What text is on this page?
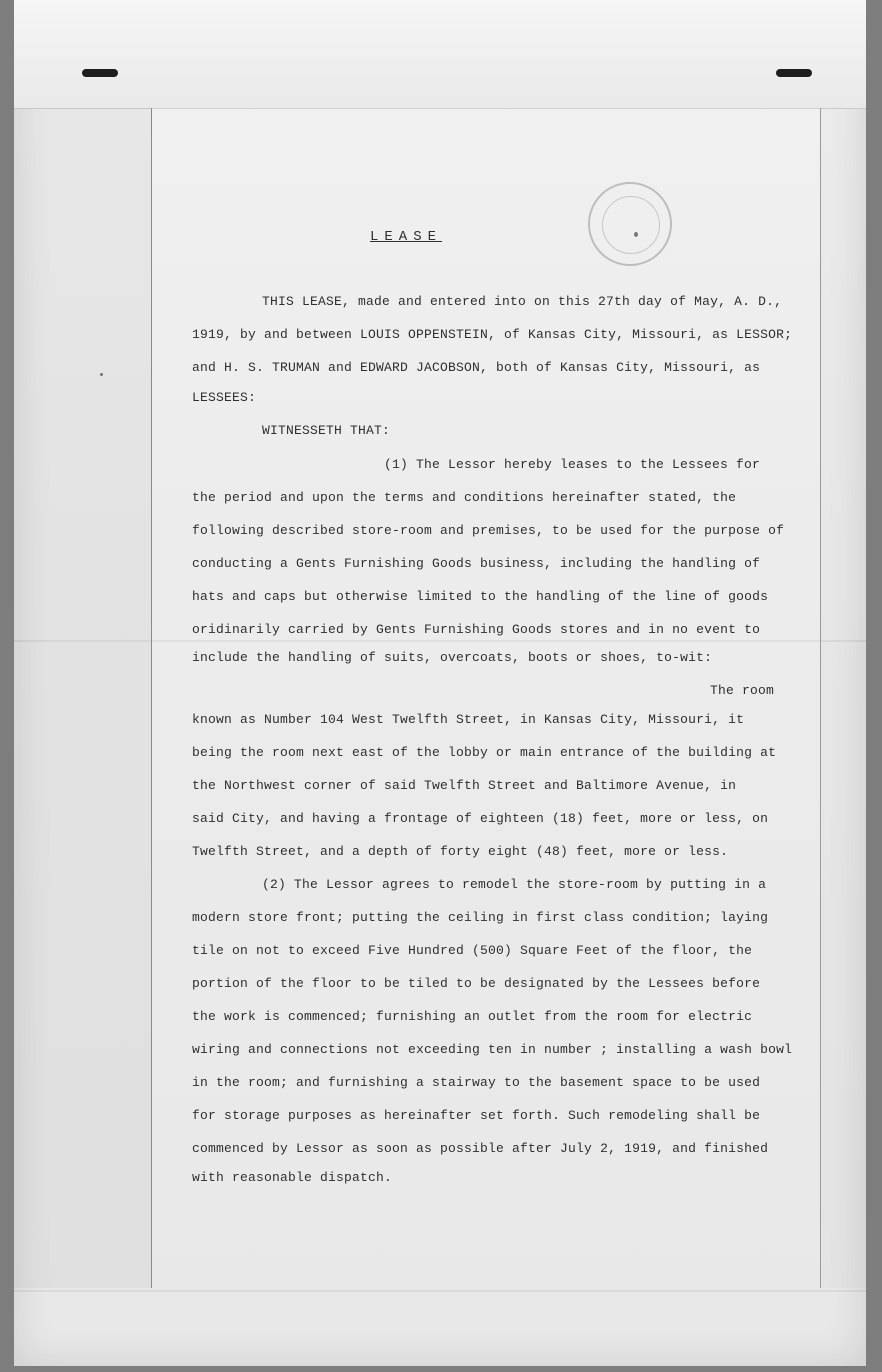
LEASE
THIS LEASE, made and entered into on this 27th day of May, A. D.,
1919, by and between LOUIS OPPENSTEIN, of Kansas City, Missouri, as LESSOR;
and H. S. TRUMAN and EDWARD JACOBSON, both of Kansas City, Missouri, as
LESSEES:
WITNESSETH THAT:
(1) The Lessor hereby leases to the Lessees for
the period and upon the terms and conditions hereinafter stated, the
following described store-room and premises, to be used for the purpose of
conducting a Gents Furnishing Goods business, including the handling of
hats and caps but otherwise limited to the handling of the line of goods
oridinarily carried by Gents Furnishing Goods stores and in no event to
include the handling of suits, overcoats, boots or shoes, to-wit:
The room
known as Number 104 West Twelfth Street, in Kansas City, Missouri, it
being the room next east of the lobby or main entrance of the building at
the Northwest corner of said Twelfth Street and Baltimore Avenue, in
said City, and having a frontage of eighteen (18) feet, more or less, on
Twelfth Street, and a depth of forty eight (48) feet, more or less.
(2) The Lessor agrees to remodel the store-room by putting in a
modern store front; putting the ceiling in first class condition; laying
tile on not to exceed Five Hundred (500) Square Feet of the floor, the
portion of the floor to be tiled to be designated by the Lessees before
the work is commenced; furnishing an outlet from the room for electric
wiring and connections not exceeding ten in number ; installing a wash bowl
in the room; and furnishing a stairway to the basement space to be used
for storage purposes as hereinafter set forth. Such remodeling shall be
commenced by Lessor as soon as possible after July 2, 1919, and finished
with reasonable dispatch.
